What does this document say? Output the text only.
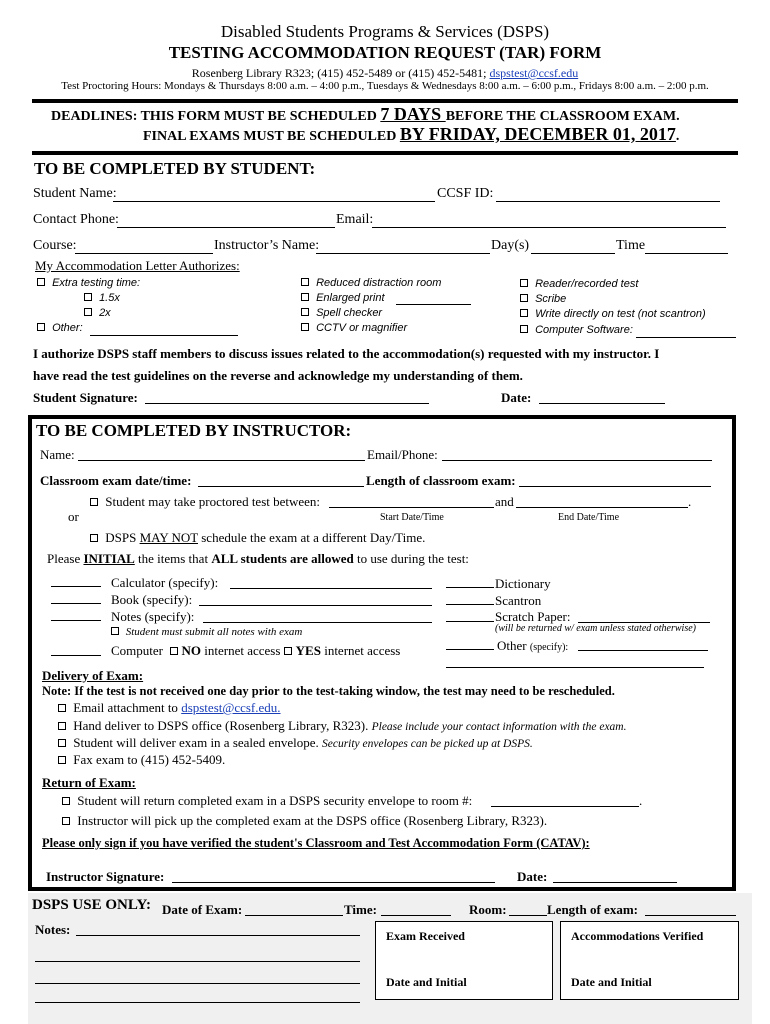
Disabled Students Programs & Services (DSPS)
TESTING ACCOMMODATION REQUEST (TAR) FORM
Rosenberg Library R323; (415) 452-5489 or (415) 452-5481; dspstest@ccsf.edu
Test Proctoring Hours: Mondays & Thursdays 8:00 a.m. – 4:00 p.m., Tuesdays & Wednesdays 8:00 a.m. – 6:00 p.m., Fridays 8:00 a.m. – 2:00 p.m.
DEADLINES: THIS FORM MUST BE SCHEDULED 7 DAYS BEFORE THE CLASSROOM EXAM.
FINAL EXAMS MUST BE SCHEDULED BY FRIDAY, DECEMBER 01, 2017.
TO BE COMPLETED BY STUDENT:
Student Name:	CCSF ID:
Contact Phone:	Email:
Course:	Instructor’s Name:	Day(s)	Time
My Accommodation Letter Authorizes:
Extra testing time:
1.5x
2x
Other:
Reduced distraction room
Enlarged print
Spell checker
CCTV or magnifier
Reader/recorded test
Scribe
Write directly on test (not scantron)
Computer Software:
I authorize DSPS staff members to discuss issues related to the accommodation(s) requested with my instructor. I
have read the test guidelines on the reverse and acknowledge my understanding of them.
Student Signature:	Date:
TO BE COMPLETED BY INSTRUCTOR:
Name:	Email/Phone:
Classroom exam date/time:	Length of classroom exam:
Student may take proctored test between:	and	.
or	Start Date/Time	End Date/Time
DSPS MAY NOT schedule the exam at a different Day/Time.
Please INITIAL the items that ALL students are allowed to use during the test:
Calculator (specify):
Book (specify):
Notes (specify):
Student must submit all notes with exam
Computer NO internet access YES internet access
Dictionary
Scantron
Scratch Paper:
(will be returned w/ exam unless stated otherwise)
Other (specify):
Delivery of Exam:
Note: If the test is not received one day prior to the test-taking window, the test may need to be rescheduled.
Email attachment to dspstest@ccsf.edu.
Hand deliver to DSPS office (Rosenberg Library, R323). Please include your contact information with the exam.
Student will deliver exam in a sealed envelope. Security envelopes can be picked up at DSPS.
Fax exam to (415) 452-5409.
Return of Exam:
Student will return completed exam in a DSPS security envelope to room #:	.
Instructor will pick up the completed exam at the DSPS office (Rosenberg Library, R323).
Please only sign if you have verified the student's Classroom and Test Accommodation Form (CATAV):
Instructor Signature:	Date:
DSPS USE ONLY: Date of Exam:	Time:	Room:	Length of exam:
Notes:	Exam Received
Date and Initial
Accommodations Verified
Date and Initial
